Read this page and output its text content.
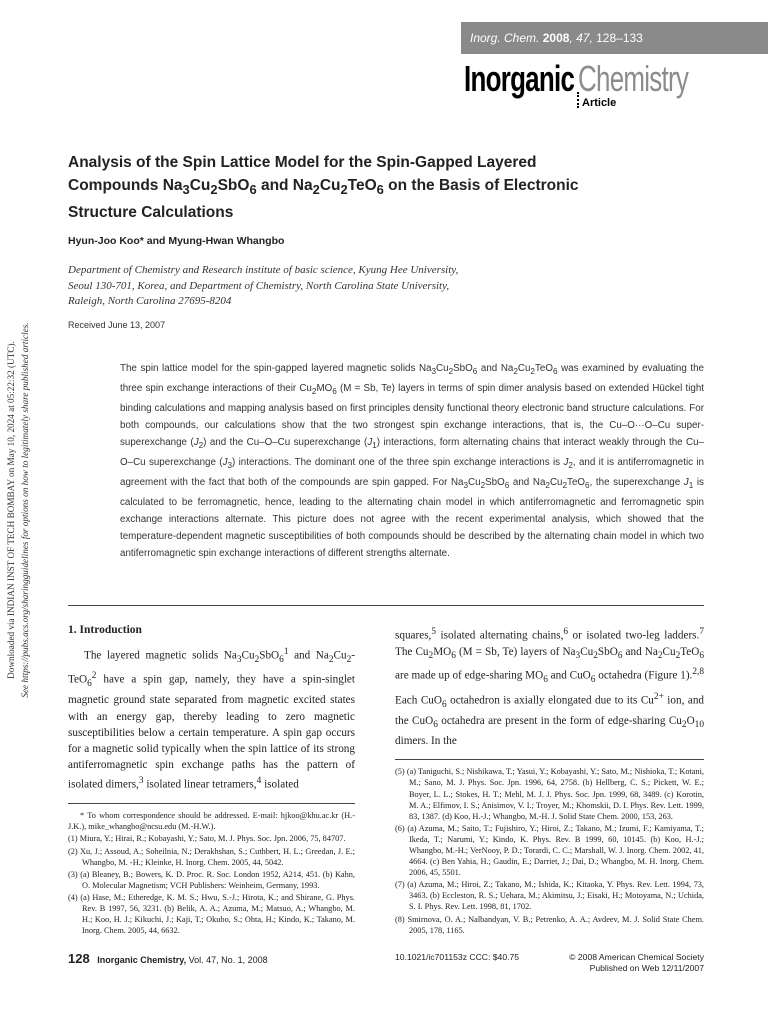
Inorg. Chem. 2008, 47, 128–133
Inorganic Chemistry
Article
Downloaded via INDIAN INST OF TECH BOMBAY on May 10, 2024 at 05:22:32 (UTC). See https://pubs.acs.org/sharingguidelines for options on how to legitimately share published articles.
Analysis of the Spin Lattice Model for the Spin-Gapped Layered
Compounds $Na_3Cu_2SbO_6$ and $Na_2Cu_2TeO_6$ on the Basis of Electronic
Structure Calculations
Hyun-Joo Koo* and Myung-Hwan Whangbo
Department of Chemistry and Research institute of basic science, Kyung Hee University,
Seoul 130-701, Korea, and Department of Chemistry, North Carolina State University,
Raleigh, North Carolina 27695-8204
Received June 13, 2007
The spin lattice model for the spin-gapped layered magnetic solids $Na_3Cu_2SbO_6$ and $Na_2Cu_2TeO_6$ was examined by evaluating the three spin exchange interactions of their $Cu_2MO_6$ (M = Sb, Te) layers in terms of spin dimer analysis based on extended Hückel tight binding calculations and mapping analysis based on first principles density functional theory electronic band structure calculations. For both compounds, our calculations show that the two strongest spin exchange interactions, that is, the Cu–O···O–Cu super-superexchange $(J_2)$ and the Cu–O–Cu superexchange $(J_1)$ interactions, form alternating chains that interact weakly through the Cu–O–Cu superexchange $(J_3)$ interactions. The dominant one of the three spin exchange interactions is $J_2$, and it is antiferromagnetic in agreement with the fact that both of the compounds are spin gapped. For $Na_3Cu_2SbO_6$ and $Na_2Cu_2TeO_6$, the superexchange $J_1$ is calculated to be ferromagnetic, hence, leading to the alternating chain model in which antiferromagnetic and ferromagnetic spin exchange interactions alternate. This picture does not agree with the recent experimental analysis, which showed that the temperature-dependent magnetic susceptibilities of both compounds should be described by the alternating chain model in which two antiferromagnetic spin exchange interactions of different strengths alternate.
1. Introduction

The layered magnetic solids $Na_3Cu_2SbO_6^1$ and $Na_2Cu_2-TeO_6^2$ have a spin gap, namely, they have a spin-singlet magnetic ground state separated from magnetic excited states with an energy gap, thereby leading to zero magnetic susceptibilities below a certain temperature. A spin gap occurs for a magnetic solid typically when the spin lattice of its strong antiferromagnetic spin exchange paths has the pattern of isolated dimers,$^3$ isolated linear tetramers,$^4$ isolated

* To whom correspondence should be addressed. E-mail: hjkoo@khu.ac.kr (H.-J.K.), mike_whangbo@ncsu.edu (M.-H.W.).

(1) Miura, Y.; Hirai, R.; Kobayashi, Y.; Sato, M. J. Phys. Soc. Jpn. 2006, 75, 84707.

(2) Xu, J.; Assoud, A.; Soheilnia, N.; Derakhshan, S.; Cuthbert, H. L.; Greedan, J. E.; Whangbo, M. -H.; Kleinke, H. Inorg. Chem. 2005, 44, 5042.

(3) (a) Bleaney, B.; Bowers, K. D. Proc. R. Soc. London 1952, A214, 451. (b) Kahn, O. Molecular Magnetism; VCH Publishers: Weinheim, Germany, 1993.

(4) (a) Hase, M.; Etheredge, K. M. S.; Hwu, S.-J.; Hirota, K.; and Shirane, G. Phys. Rev. B 1997, 56, 3231. (b) Belik, A. A.; Azuma, M.; Matsuo, A.; Whangbo, M. H.; Koo, H. J.; Kikuchi, J.; Kaji, T.; Okubo, S.; Ohta, H.; Kindo, K.; Takano, M. Inorg. Chem. 2005, 44, 6632.

squares,$^5$ isolated alternating chains,$^6$ or isolated two-leg ladders.$^7$ The $Cu_2MO_6$ (M = Sb, Te) layers of $Na_3Cu_2SbO_6$ and $Na_2Cu_2TeO_6$ are made up of edge-sharing $MO_6$ and CuO$_6$ octahedra (Figure 1).$^{2,8}$ Each CuO$_6$ octahedron is axially elongated due to its $Cu^{2+}$ ion, and the CuO$_6$ octahedra are present in the form of edge-sharing $Cu_2O_{10}$ dimers. In the

(5) (a) Taniguchi, S.; Nishikawa, T.; Yasui, Y.; Kobayashi, Y.; Sato, M.; Nishioka, T.; Kotani, M.; Sano, M. J. Phys. Soc. Jpn. 1996, 64, 2758. (b) Hellberg, C. S.; Pickett, W. E.; Boyer, L. L.; Stokes, H. T.; Mehl, M. J. J. Phys. Soc. Jpn. 1999, 68, 3489. (c) Korotin, M. A.; Elfimov, I. S.; Anisimov, V. I.; Troyer, M.; Khomskii, D. I. Phys. Rev. Lett. 1999, 83, 1387. (d) Koo, H.-J.; Whangbo, M.-H. J. Solid State Chem. 2000, 153, 263.

(6) (a) Azuma, M.; Saito, T.; Fujishiro, Y.; Hiroi, Z.; Takano, M.; Izumi, F.; Kamiyama, T.; Ikeda, T.; Narumi, Y.; Kindo, K. Phys. Rev. B 1999, 60, 10145. (b) Koo, H.-J.; Whangbo, M.-H.; VerNooy, P. D.; Torardi, C. C.; Marshall, W. J. Inorg. Chem. 2002, 41, 4664. (c) Ben Yahia, H.; Gaudin, E.; Darriet, J.; Dai, D.; Whangbo, M. H. Inorg. Chem. 2006, 45, 5501.

(7) (a) Azuma, M.; Hiroi, Z.; Takano, M.; Ishida, K.; Kitaoka, Y. Phys. Rev. Lett. 1994, 73, 3463. (b) Eccleston, R. S.; Uehara, M.; Akimitsu, J.; Eisaki, H.; Motoyama, N.; Uchida, S. I. Phys. Rev. Lett. 1998, 81, 1702.

(8) Smirnova, O. A.; Nalbandyan, V. B.; Petrenko, A. A.; Avdeev, M. J. Solid State Chem. 2005, 178, 1165.

128 Inorganic Chemistry, Vol. 47, No. 1, 2008	10.1021/ic701153z CCC: $40.75	© 2008 American Chemical Society
Published on Web 12/11/2007
